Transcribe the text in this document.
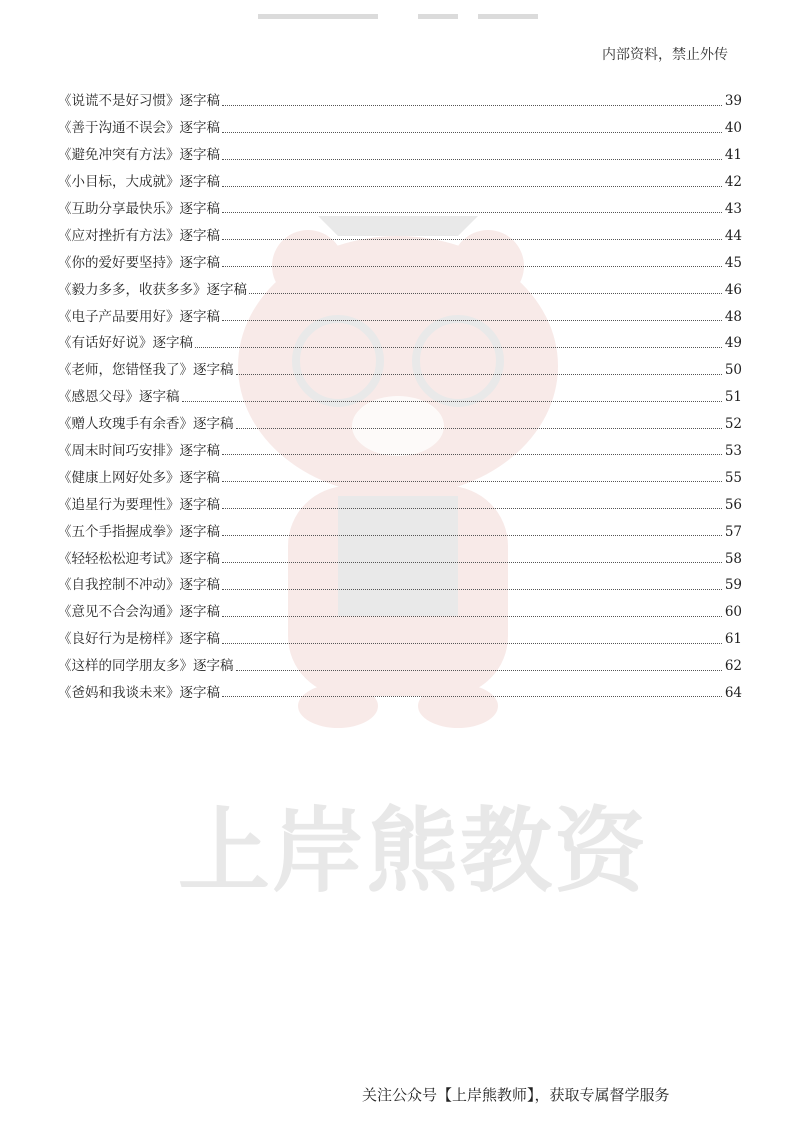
内部资料，禁止外传
《说谎不是好习惯》逐字稿	39
《善于沟通不误会》逐字稿	40
《避免冲突有方法》逐字稿	41
《小目标，大成就》逐字稿	42
《互助分享最快乐》逐字稿	43
《应对挫折有方法》逐字稿	44
《你的爱好要坚持》逐字稿	45
《毅力多多，收获多多》逐字稿	46
《电子产品要用好》逐字稿	48
《有话好好说》逐字稿	49
《老师，您错怪我了》逐字稿	50
《感恩父母》逐字稿	51
《赠人玫瑰手有余香》逐字稿	52
《周末时间巧安排》逐字稿	53
《健康上网好处多》逐字稿	55
《追星行为要理性》逐字稿	56
《五个手指握成拳》逐字稿	57
《轻轻松松迎考试》逐字稿	58
《自我控制不冲动》逐字稿	59
《意见不合会沟通》逐字稿	60
《良好行为是榜样》逐字稿	61
《这样的同学朋友多》逐字稿	62
《爸妈和我谈未来》逐字稿	64
上岸熊教资
关注公众号【上岸熊教师】，获取专属督学服务
